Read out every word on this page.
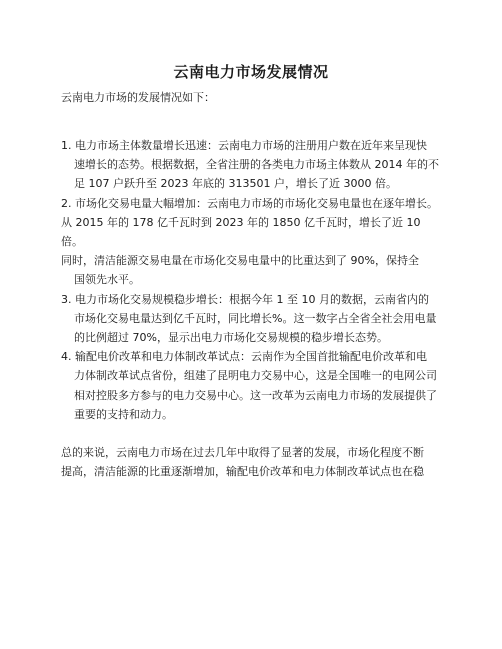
云南电力市场发展情况
云南电力市场的发展情况如下：

1. 电力市场主体数量增长迅速：云南电力市场的注册用户数在近年来呈现快
速增长的态势。根据数据，全省注册的各类电力市场主体数从 2014 年的不
足 107 户跃升至 2023 年底的 313501 户，增长了近 3000 倍。

2. 市场化交易电量大幅增加：云南电力市场的市场化交易电量也在逐年增长。
从 2015 年的 178 亿千瓦时到 2023 年的 1850 亿千瓦时，增长了近 10 倍。
同时，清洁能源交易电量在市场化交易电量中的比重达到了 90%，保持全
国领先水平。

3. 电力市场化交易规模稳步增长：根据今年 1 至 10 月的数据，云南省内的
市场化交易电量达到亿千瓦时，同比增长%。这一数字占全省全社会用电量
的比例超过 70%，显示出电力市场化交易规模的稳步增长态势。

4. 输配电价改革和电力体制改革试点：云南作为全国首批输配电价改革和电
力体制改革试点省份，组建了昆明电力交易中心，这是全国唯一的电网公司
相对控股多方参与的电力交易中心。这一改革为云南电力市场的发展提供了
重要的支持和动力。

总的来说，云南电力市场在过去几年中取得了显著的发展，市场化程度不断
提高，清洁能源的比重逐渐增加，输配电价改革和电力体制改革试点也在稳
